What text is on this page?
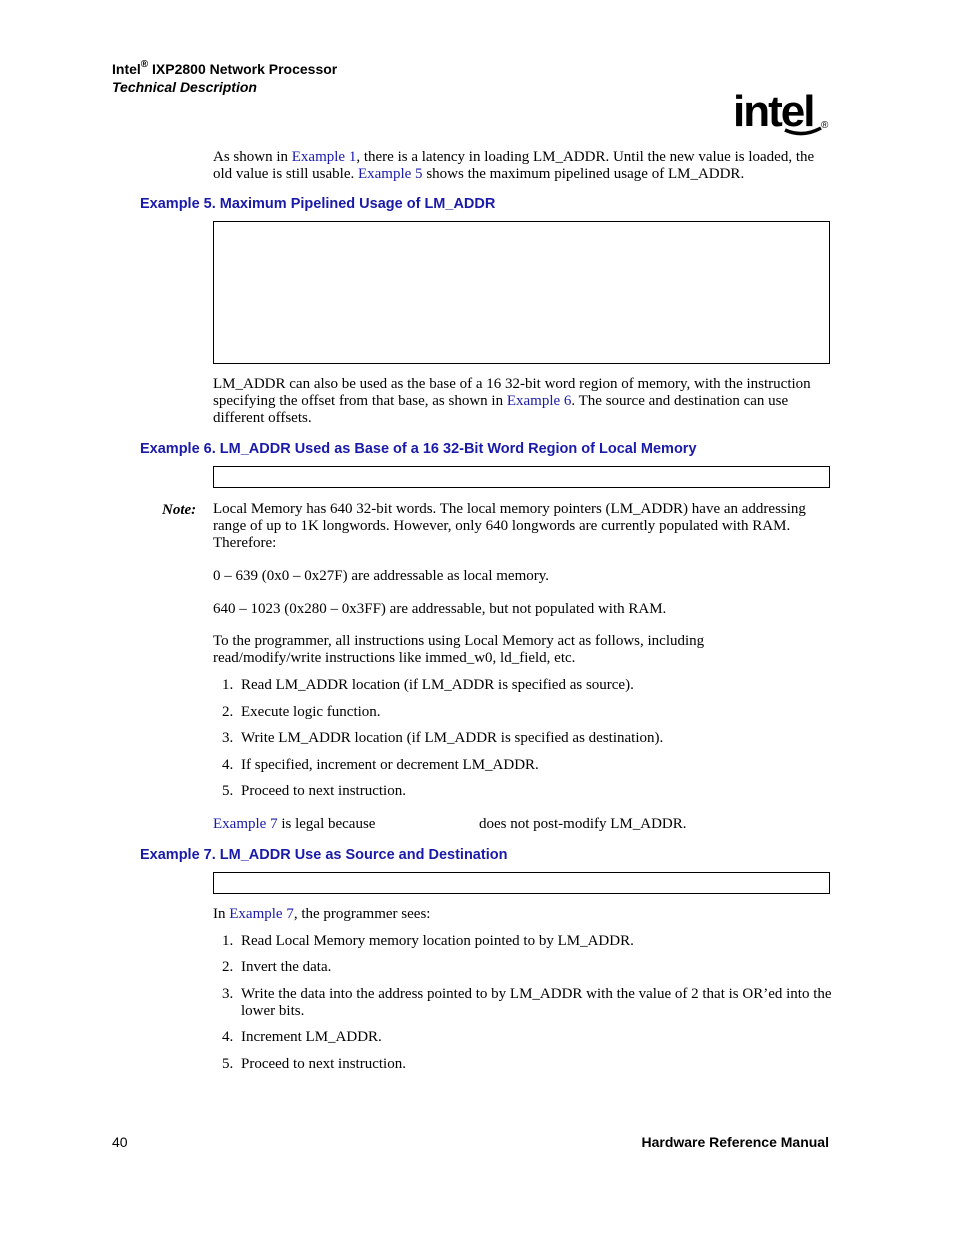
Intel® IXP2800 Network Processor
Technical Description	intel ®
As shown in Example 1, there is a latency in loading LM_ADDR. Until the new value is loaded, the old value is still usable. Example 5 shows the maximum pipelined usage of LM_ADDR.
Example 5. Maximum Pipelined Usage of LM_ADDR
LM_ADDR can also be used as the base of a 16 32-bit word region of memory, with the instruction specifying the offset from that base, as shown in Example 6. The source and destination can use different offsets.
Example 6. LM_ADDR Used as Base of a 16 32-Bit Word Region of Local Memory
Note: Local Memory has 640 32-bit words. The local memory pointers (LM_ADDR) have an addressing range of up to 1K longwords. However, only 640 longwords are currently populated with RAM. Therefore:
0 – 639 (0x0 – 0x27F) are addressable as local memory.
640 – 1023 (0x280 – 0x3FF) are addressable, but not populated with RAM.
To the programmer, all instructions using Local Memory act as follows, including read/modify/write instructions like immed_w0, ld_field, etc.
1. Read LM_ADDR location (if LM_ADDR is specified as source).
2. Execute logic function.
3. Write LM_ADDR location (if LM_ADDR is specified as destination).
4. If specified, increment or decrement LM_ADDR.
5. Proceed to next instruction.
Example 7 is legal because	does not post-modify LM_ADDR.
Example 7. LM_ADDR Use as Source and Destination
In Example 7, the programmer sees:
1. Read Local Memory memory location pointed to by LM_ADDR.
2. Invert the data.
3. Write the data into the address pointed to by LM_ADDR with the value of 2 that is OR’ed into the lower bits.
4. Increment LM_ADDR.
5. Proceed to next instruction.
40	Hardware Reference Manual
